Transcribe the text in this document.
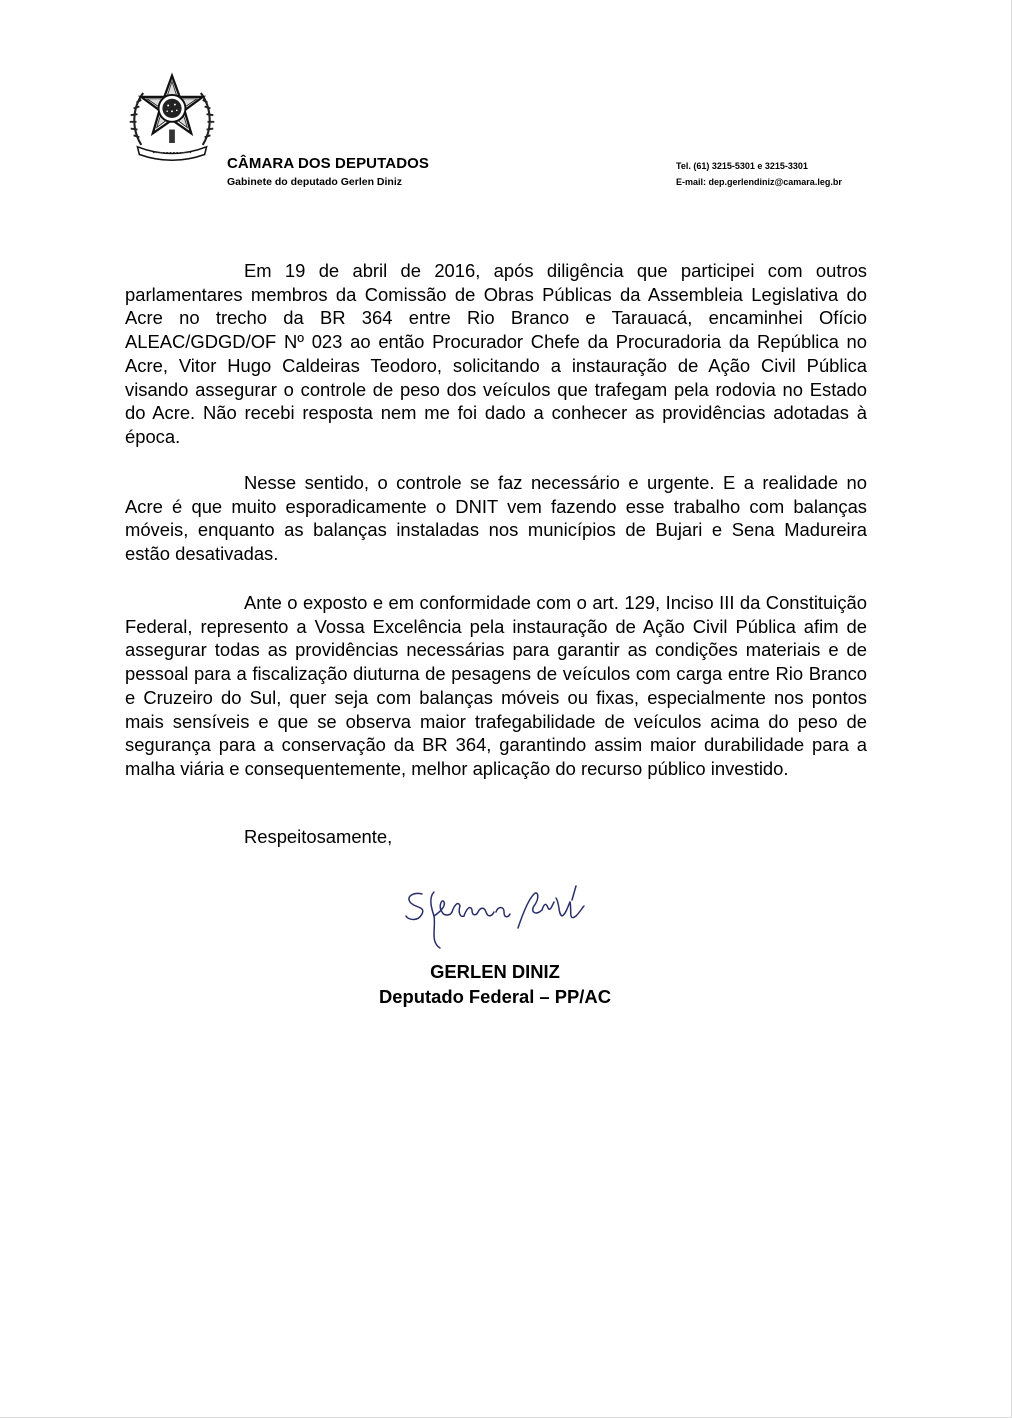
CÂMARA DOS DEPUTADOS
Gabinete do deputado Gerlen Diniz
Tel. (61) 3215-5301 e 3215-3301
E-mail: dep.gerlendiniz@camara.leg.br

Em 19 de abril de 2016, após diligência que participei com outros parlamentares membros da Comissão de Obras Públicas da Assembleia Legislativa do Acre no trecho da BR 364 entre Rio Branco e Tarauacá, encaminhei Ofício ALEAC/GDGD/OF Nº 023 ao então Procurador Chefe da Procuradoria da República no Acre, Vitor Hugo Caldeiras Teodoro, solicitando a instauração de Ação Civil Pública visando assegurar o controle de peso dos veículos que trafegam pela rodovia no Estado do Acre. Não recebi resposta nem me foi dado a conhecer as providências adotadas à época.

Nesse sentido, o controle se faz necessário e urgente. E a realidade no Acre é que muito esporadicamente o DNIT vem fazendo esse trabalho com balanças móveis, enquanto as balanças instaladas nos municípios de Bujari e Sena Madureira estão desativadas.

Ante o exposto e em conformidade com o art. 129, Inciso III da Constituição Federal, represento a Vossa Excelência pela instauração de Ação Civil Pública afim de assegurar todas as providências necessárias para garantir as condições materiais e de pessoal para a fiscalização diuturna de pesagens de veículos com carga entre Rio Branco e Cruzeiro do Sul, quer seja com balanças móveis ou fixas, especialmente nos pontos mais sensíveis e que se observa maior trafegabilidade de veículos acima do peso de segurança para a conservação da BR 364, garantindo assim maior durabilidade para a malha viária e consequentemente, melhor aplicação do recurso público investido.

Respeitosamente,

GERLEN DINIZ
Deputado Federal – PP/AC
